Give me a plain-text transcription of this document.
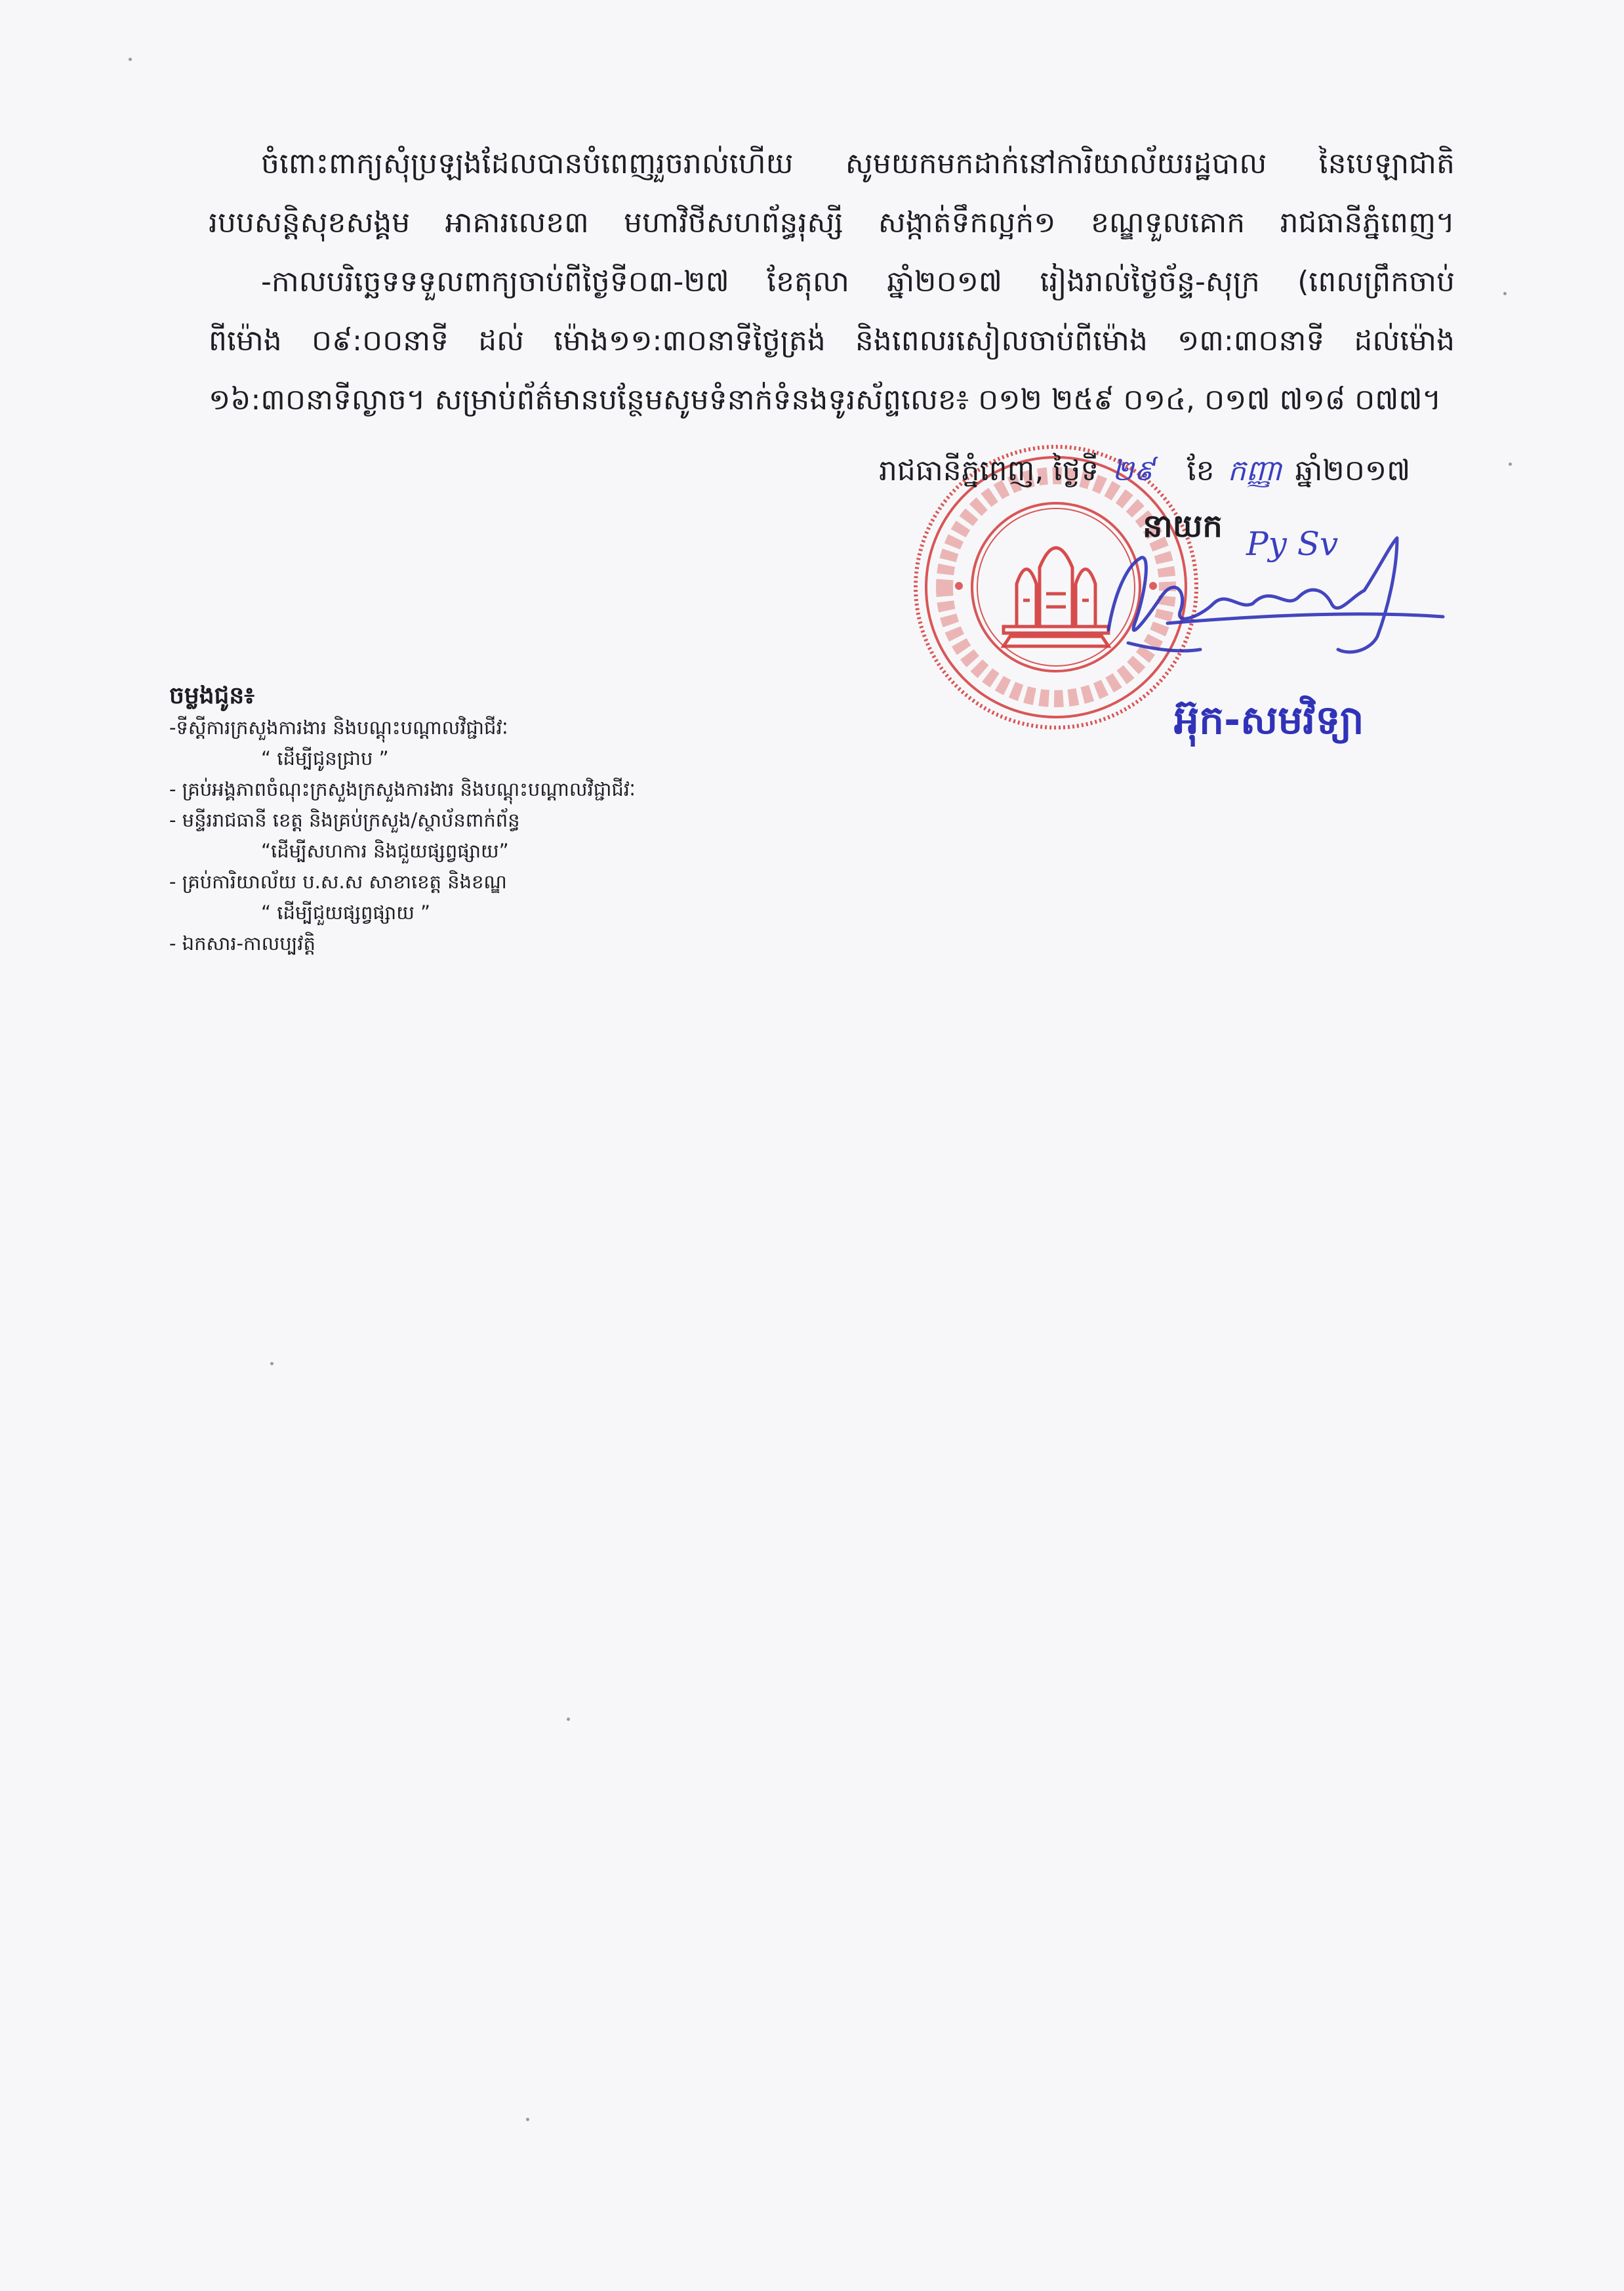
ចំពោះពាក្យសុំប្រឡងដែលបានបំពេញរួចរាល់ហើយ សូមយកមកដាក់នៅការិយាល័យរដ្ឋបាល នៃបេឡាជាតិ
របបសន្តិសុខសង្គម អាគារលេខ៣ មហាវិថីសហព័ន្ធរុស្សី សង្កាត់ទឹកល្អក់១ ខណ្ឌទួលគោក រាជធានីភ្នំពេញ។
-កាលបរិច្ឆេទទទួលពាក្យចាប់ពីថ្ងៃទី០៣-២៧ ខែតុលា ឆ្នាំ២០១៧ រៀងរាល់ថ្ងៃច័ន្ទ-សុក្រ (ពេលព្រឹកចាប់
ពីម៉ោង ០៩:០០នាទី ដល់ ម៉ោង១១:៣០នាទីថ្ងៃត្រង់ និងពេលរសៀលចាប់ពីម៉ោង ១៣:៣០នាទី ដល់ម៉ោង
១៦:៣០នាទីល្ងាច។ សម្រាប់ព័ត៌មានបន្ថែមសូមទំនាក់ទំនងទូរស័ព្ទលេខ៖ ០១២ ២៥៩ ០១៤, ០១៧ ៧១៨ ០៧៧។
រាជធានីភ្នំពេញ, ថ្ងៃទី ២៩ ខែ កញ្ញា ឆ្នាំ២០១៧
នាយក Py Sv
អ៊ុក-សមវិទ្យា
ចម្លងជូន៖
-ទីស្តីការក្រសួងការងារ និងបណ្តុះបណ្តាលវិជ្ជាជីវៈ
“ ដើម្បីជូនជ្រាប ”
- គ្រប់អង្គភាពចំណុះក្រសួងក្រសួងការងារ និងបណ្តុះបណ្តាលវិជ្ជាជីវៈ
- មន្ទីររាជធានី ខេត្ត និងគ្រប់ក្រសួង/ស្ថាប័នពាក់ព័ន្ធ
“ដើម្បីសហការ និងជួយផ្សព្វផ្សាយ”
- គ្រប់ការិយាល័យ ប.ស.ស សាខាខេត្ត និងខណ្ឌ
“ ដើម្បីជួយផ្សព្វផ្សាយ ”
- ឯកសារ-កាលប្បវត្តិ
